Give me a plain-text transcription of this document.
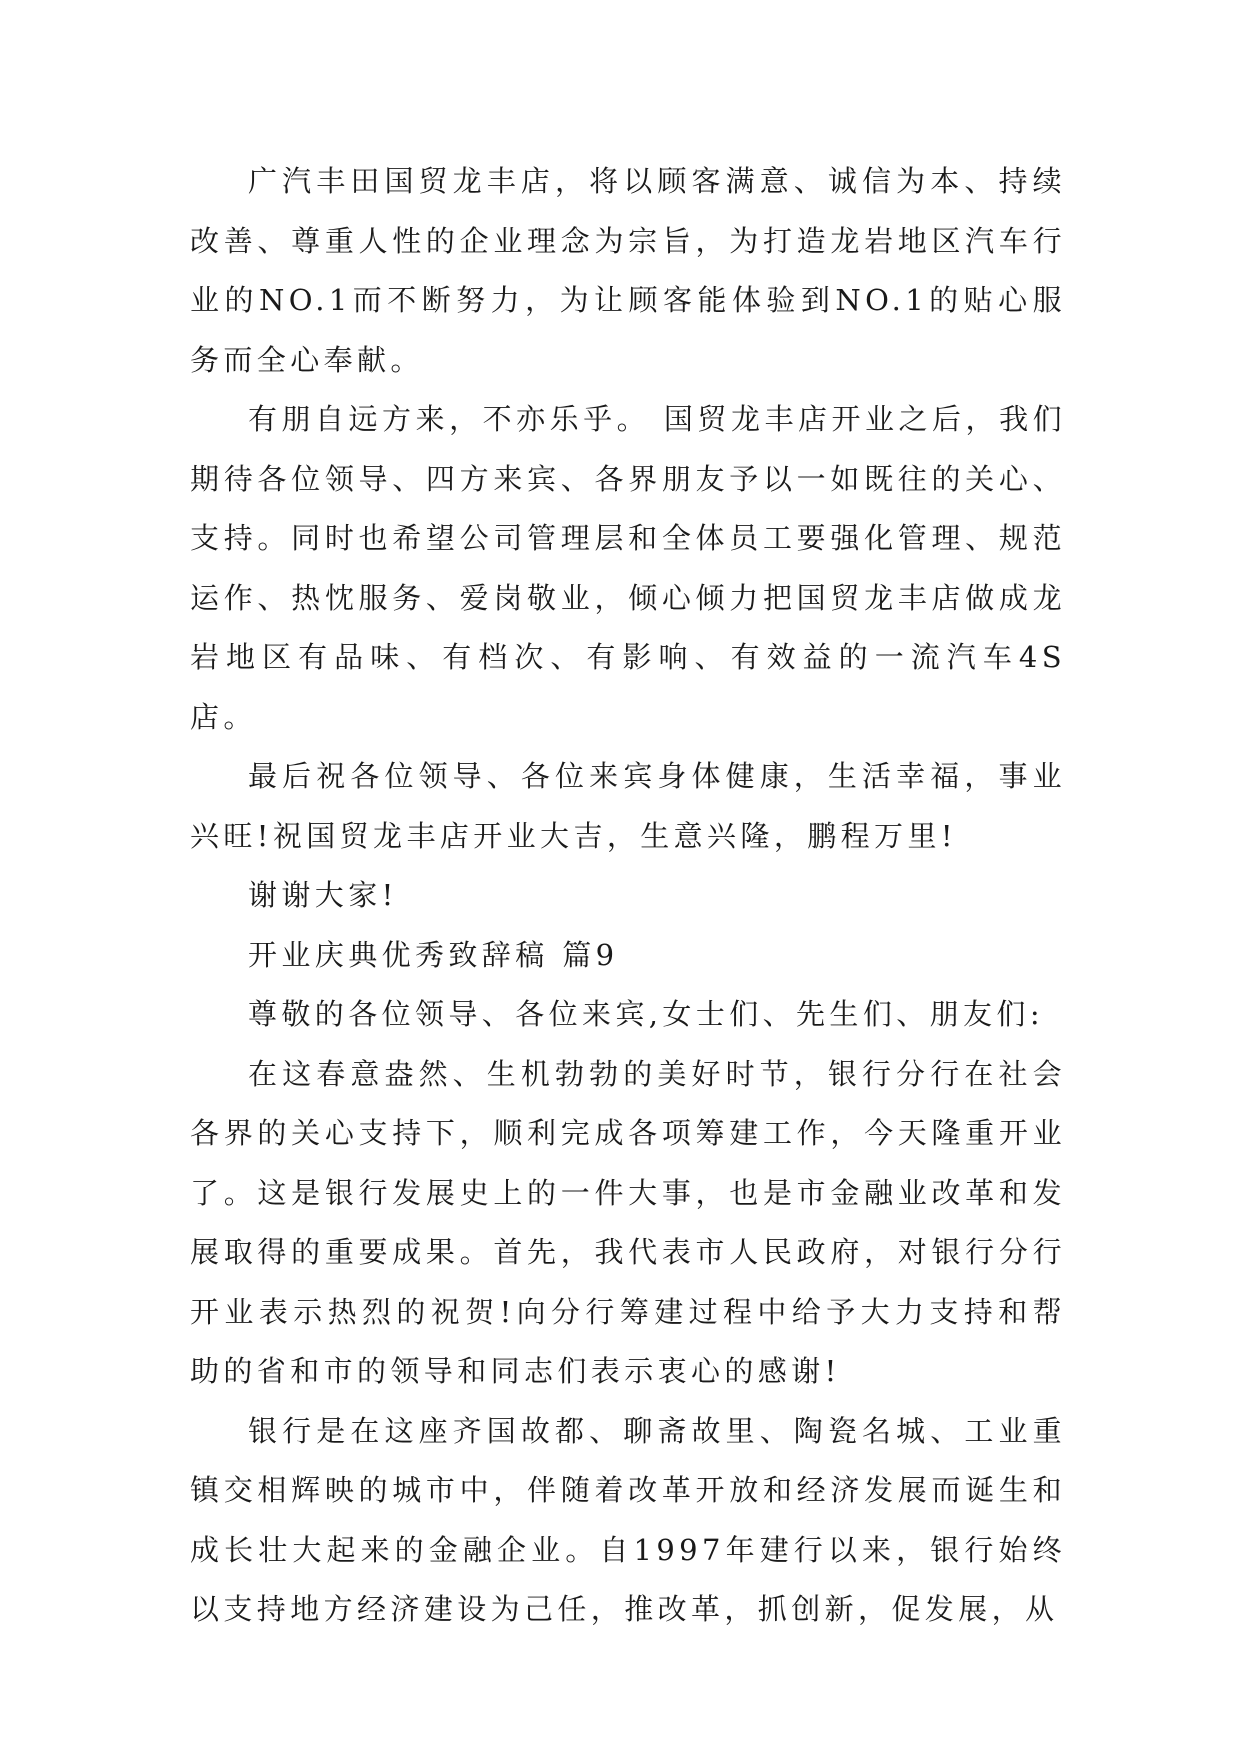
广汽丰田国贸龙丰店，将以顾客满意、诚信为本、持续改善、尊重人性的企业理念为宗旨，为打造龙岩地区汽车行业的NO.1而不断努力，为让顾客能体验到NO.1的贴心服务而全心奉献。

有朋自远方来，不亦乐乎。 国贸龙丰店开业之后，我们期待各位领导、四方来宾、各界朋友予以一如既往的关心、支持。同时也希望公司管理层和全体员工要强化管理、规范运作、热忱服务、爱岗敬业，倾心倾力把国贸龙丰店做成龙岩地区有品味、有档次、有影响、有效益的一流汽车4S店。

最后祝各位领导、各位来宾身体健康，生活幸福，事业兴旺!祝国贸龙丰店开业大吉，生意兴隆，鹏程万里!

谢谢大家!

开业庆典优秀致辞稿 篇9

尊敬的各位领导、各位来宾,女士们、先生们、朋友们:

在这春意盎然、生机勃勃的美好时节，银行分行在社会各界的关心支持下，顺利完成各项筹建工作，今天隆重开业了。这是银行发展史上的一件大事，也是市金融业改革和发展取得的重要成果。首先，我代表市人民政府，对银行分行开业表示热烈的祝贺!向分行筹建过程中给予大力支持和帮助的省和市的领导和同志们表示衷心的感谢!

银行是在这座齐国故都、聊斋故里、陶瓷名城、工业重镇交相辉映的城市中，伴随着改革开放和经济发展而诞生和成长壮大起来的金融企业。自1997年建行以来，银行始终以支持地方经济建设为己任，推改革，抓创新，促发展，从
